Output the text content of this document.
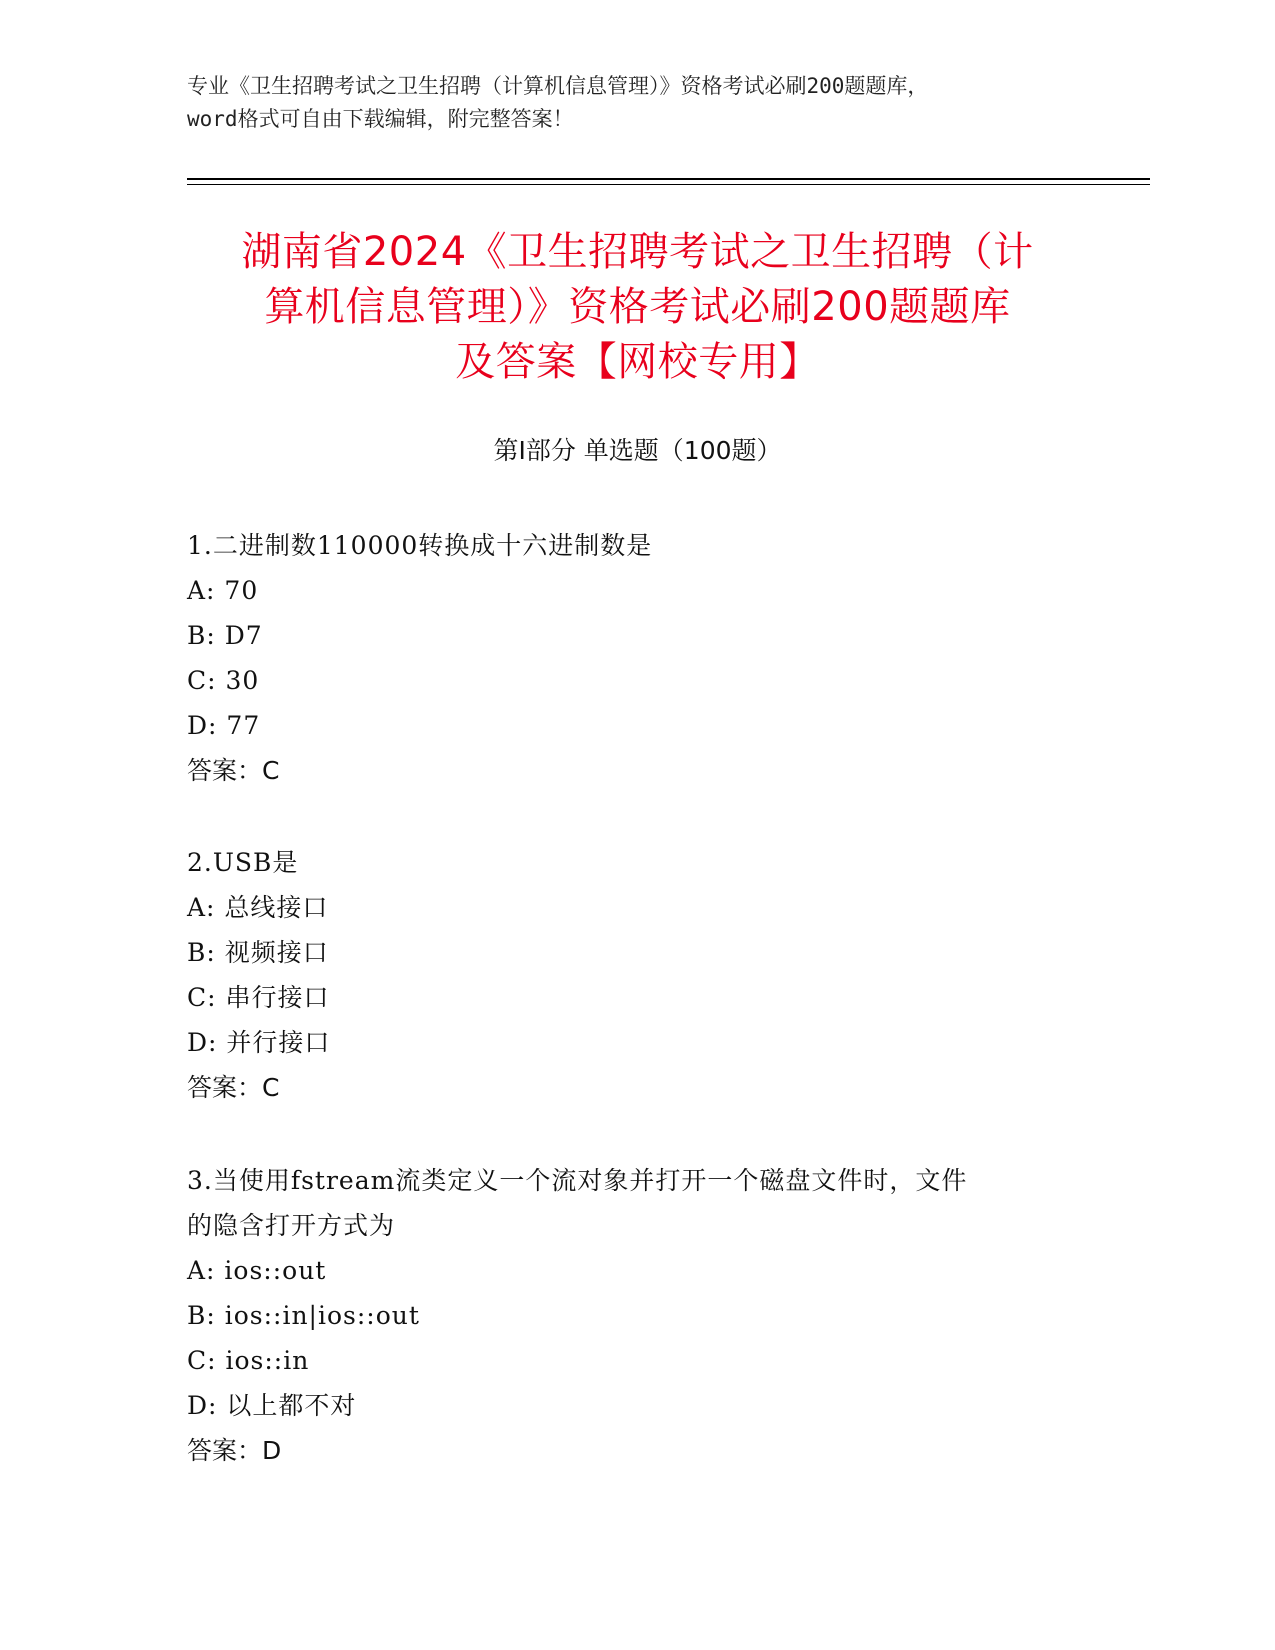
专业《卫生招聘考试之卫生招聘（计算机信息管理）》资格考试必刷200题题库，
word格式可自由下载编辑，附完整答案！
湖南省2024《卫生招聘考试之卫生招聘（计
算机信息管理）》资格考试必刷200题题库
及答案【网校专用】
第Ⅰ部分 单选题（100题）
1.二进制数110000转换成十六进制数是
A: 70
B: D7
C: 30
D: 77
答案：C
2.USB是
A: 总线接口
B: 视频接口
C: 串行接口
D: 并行接口
答案：C
3.当使用fstream流类定义一个流对象并打开一个磁盘文件时，文件
的隐含打开方式为
A: ios::out
B: ios::in|ios::out
C: ios::in
D: 以上都不对
答案：D
